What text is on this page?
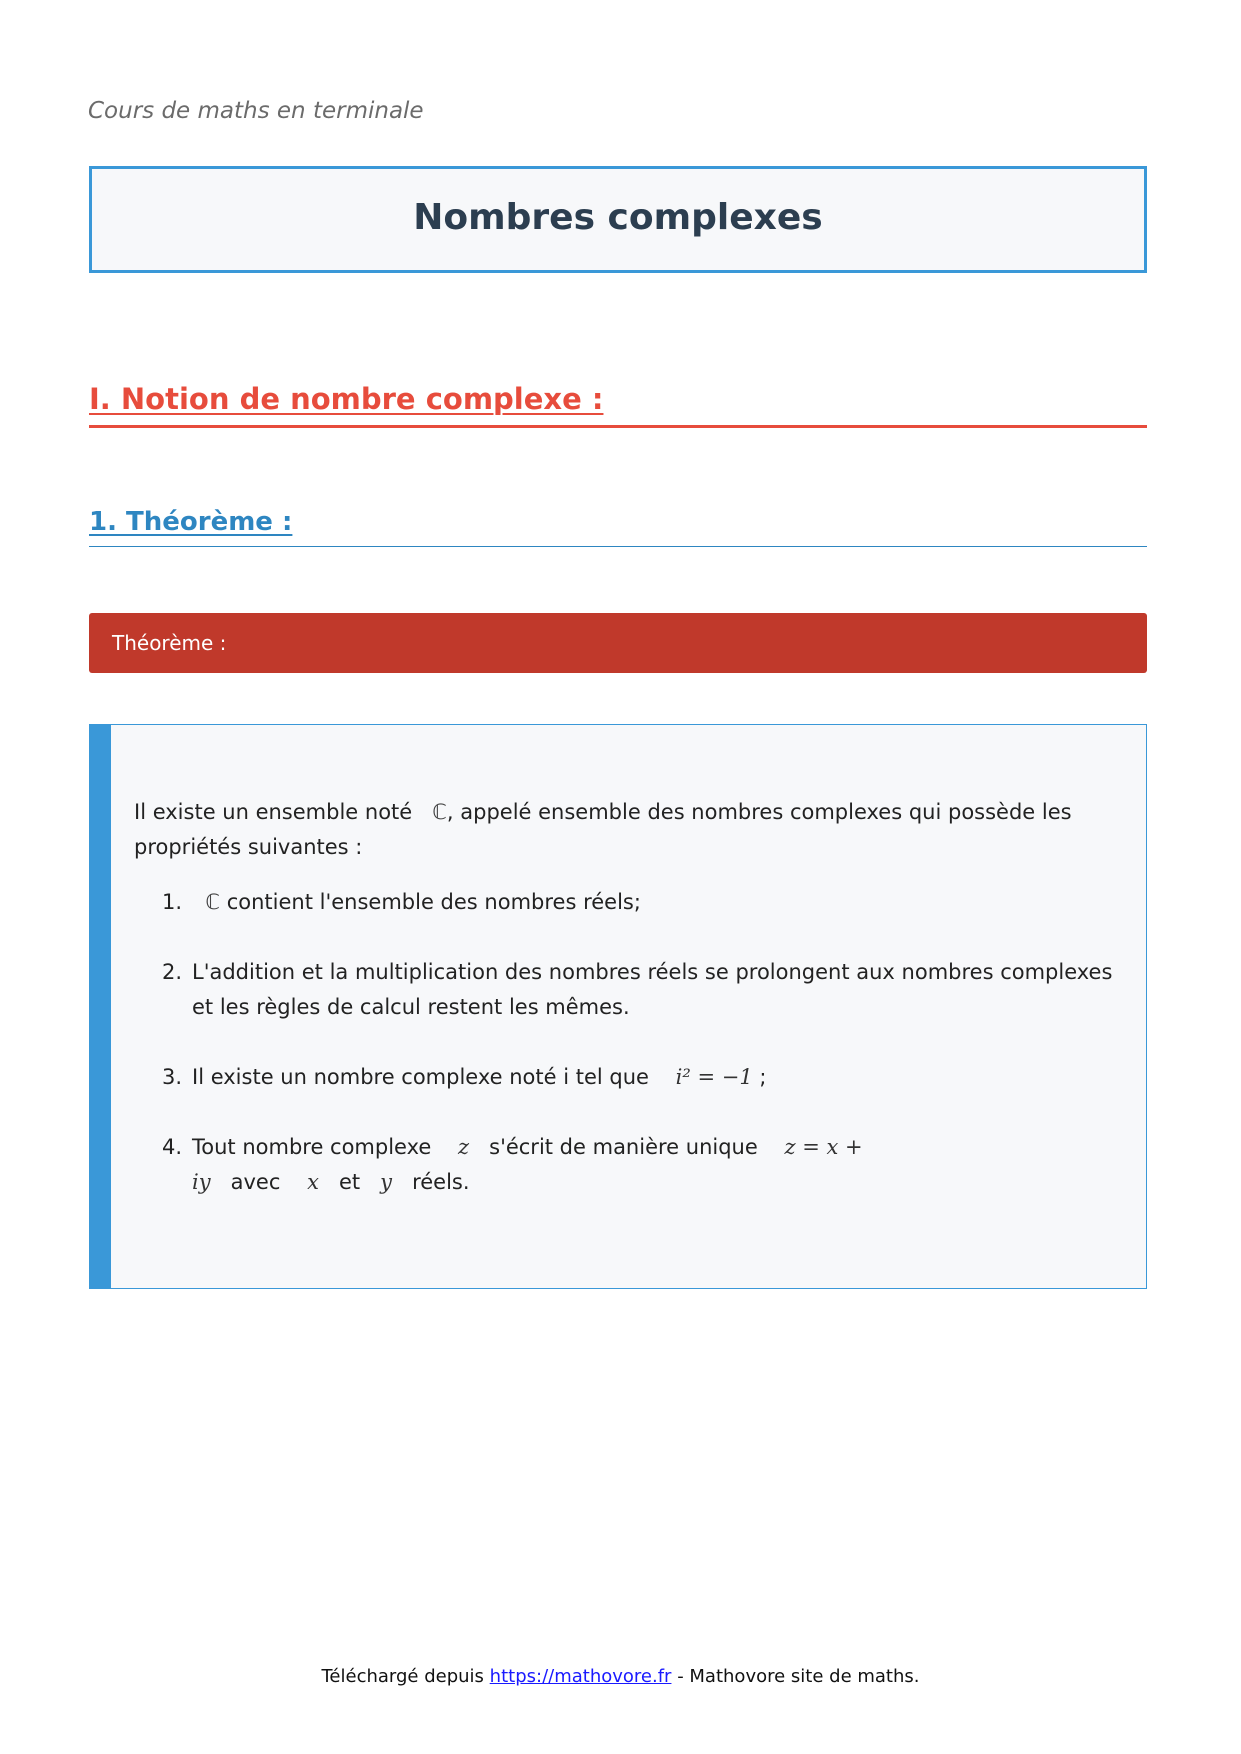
Cours de maths en terminale
Nombres complexes
I. Notion de nombre complexe :
1. Théorème :
Théorème :

Il existe un ensemble noté ℂ, appelé ensemble des nombres complexes qui possède les propriétés suivantes :

1.	ℂ contient l'ensemble des nombres réels;
2. L'addition et la multiplication des nombres réels se prolongent aux nombres complexes et les règles de calcul restent les mêmes.
3. Il existe un nombre complexe noté i tel que i² = −1 ;
4. Tout nombre complexe z s'écrit de manière unique z = x + iy avec x et y réels.
Téléchargé depuis https://mathovore.fr - Mathovore site de maths.
